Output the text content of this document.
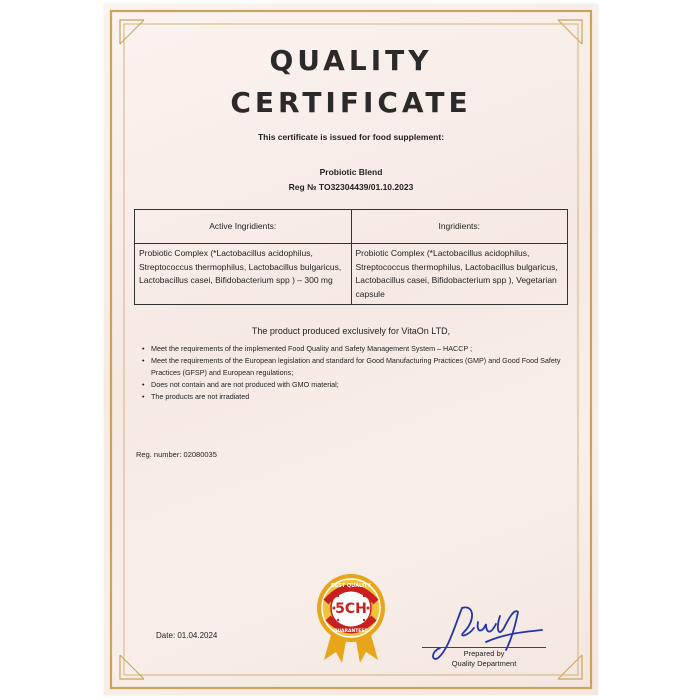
QUALITY
CERTIFICATE
This certificate is issued for food supplement:
Probiotic Blend
Reg № TO32304439/01.10.2023
Active Ingridients:	Ingridients:
Probiotic Complex (*Lactobacillus acidophilus, Streptococcus thermophilus, Lactobacillus bulgaricus, Lactobacillus casei, Bifidobacterium spp ) – 300 mg	Probiotic Complex (*Lactobacillus acidophilus, Streptococcus thermophilus, Lactobacillus bulgaricus, Lactobacillus casei, Bifidobacterium spp ), Vegetarian capsule
The product produced exclusively for VitaOn LTD,
• Meet the requirements of the implemented Food Quality and Safety Management System – HACCP ;
• Meet the requirements of the European legislation and standard for Good Manufacturing Practices (GMP) and Good Food Safety Practices (GFSP) and European regulations;
• Does not contain and are not produced with GMO material;
• The products are not irradiated
Reg. number: 02080035
Date: 01.04.2024
BEST QUALITY
5CH
GUARANTEED
Prepared by
Quality Department
